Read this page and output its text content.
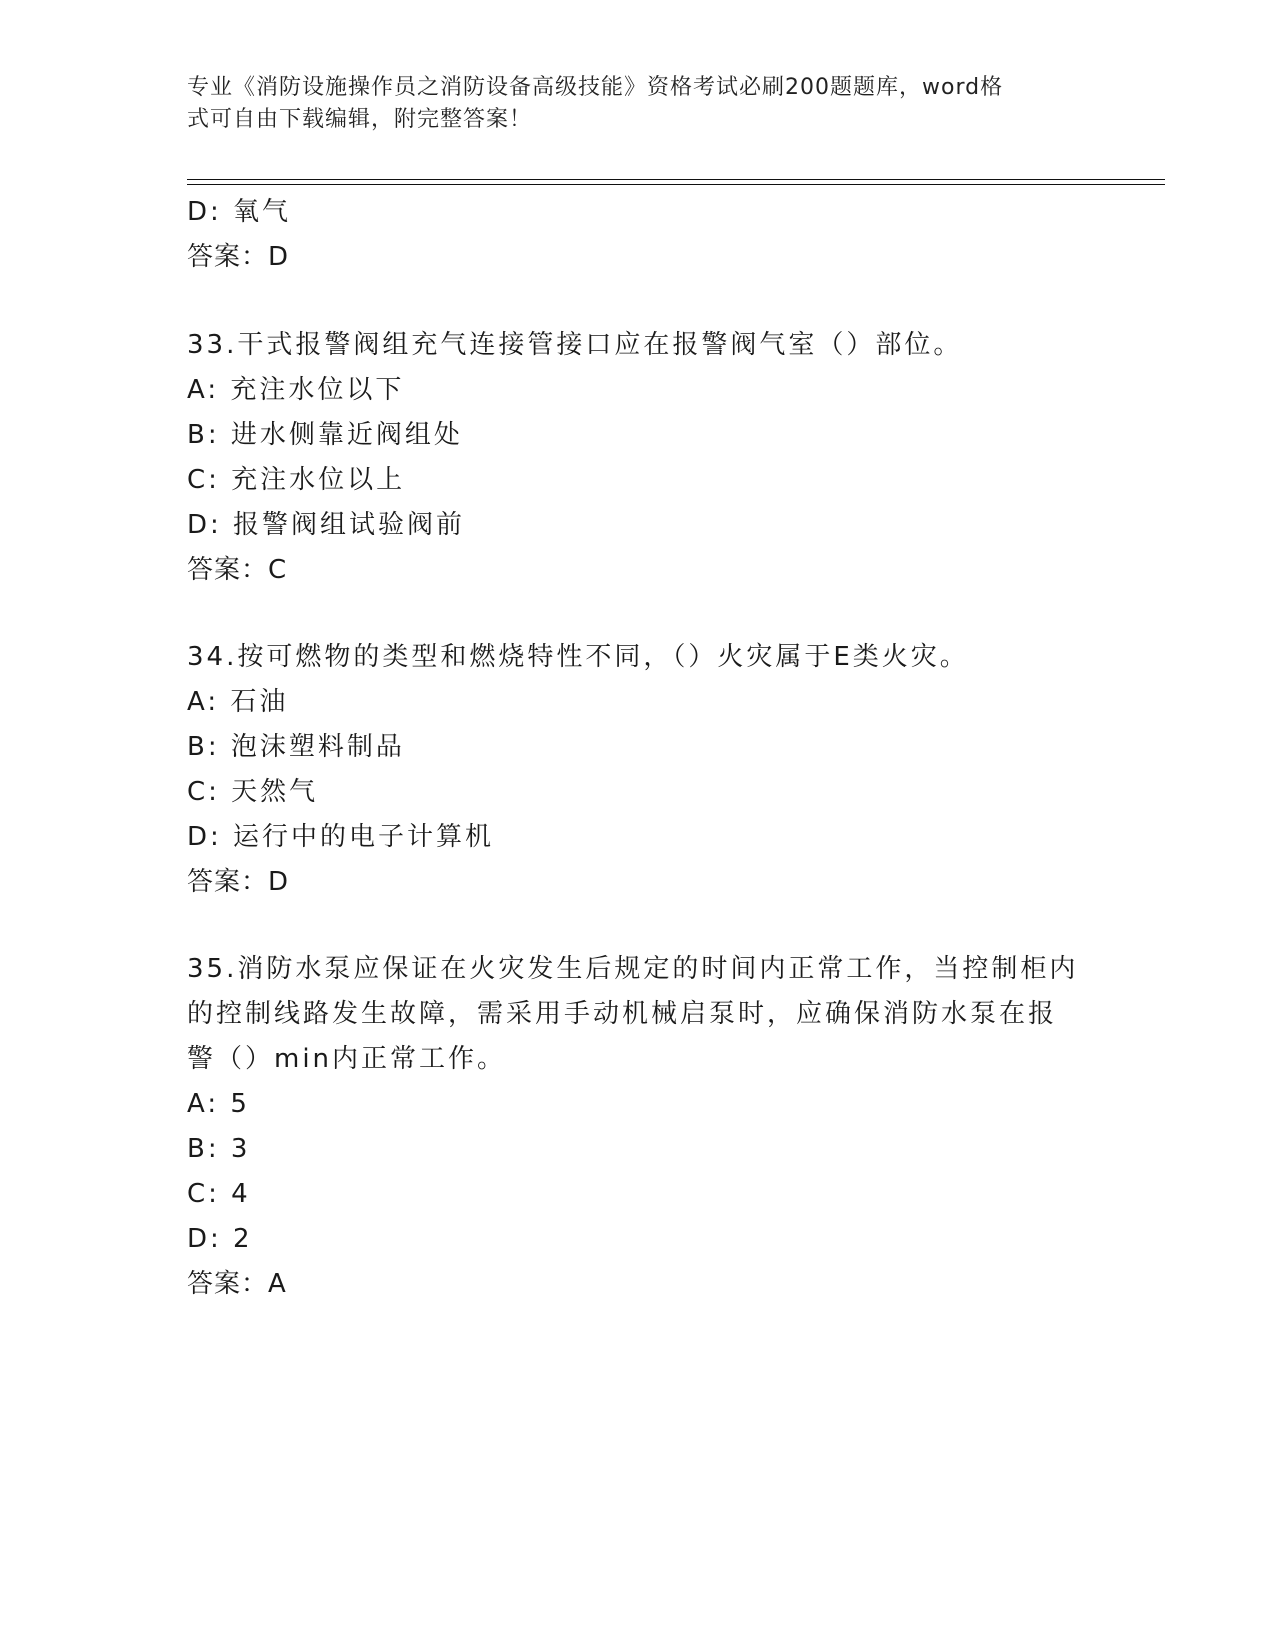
专业《消防设施操作员之消防设备高级技能》资格考试必刷200题题库，word格
式可自由下载编辑，附完整答案！
D: 氧气
答案：D
33.干式报警阀组充气连接管接口应在报警阀气室（）部位。
A: 充注水位以下
B: 进水侧靠近阀组处
C: 充注水位以上
D: 报警阀组试验阀前
答案：C
34.按可燃物的类型和燃烧特性不同，（）火灾属于E类火灾。
A: 石油
B: 泡沫塑料制品
C: 天然气
D: 运行中的电子计算机
答案：D
35.消防水泵应保证在火灾发生后规定的时间内正常工作，当控制柜内
的控制线路发生故障，需采用手动机械启泵时，应确保消防水泵在报
警（）min内正常工作。
A: 5
B: 3
C: 4
D: 2
答案：A
